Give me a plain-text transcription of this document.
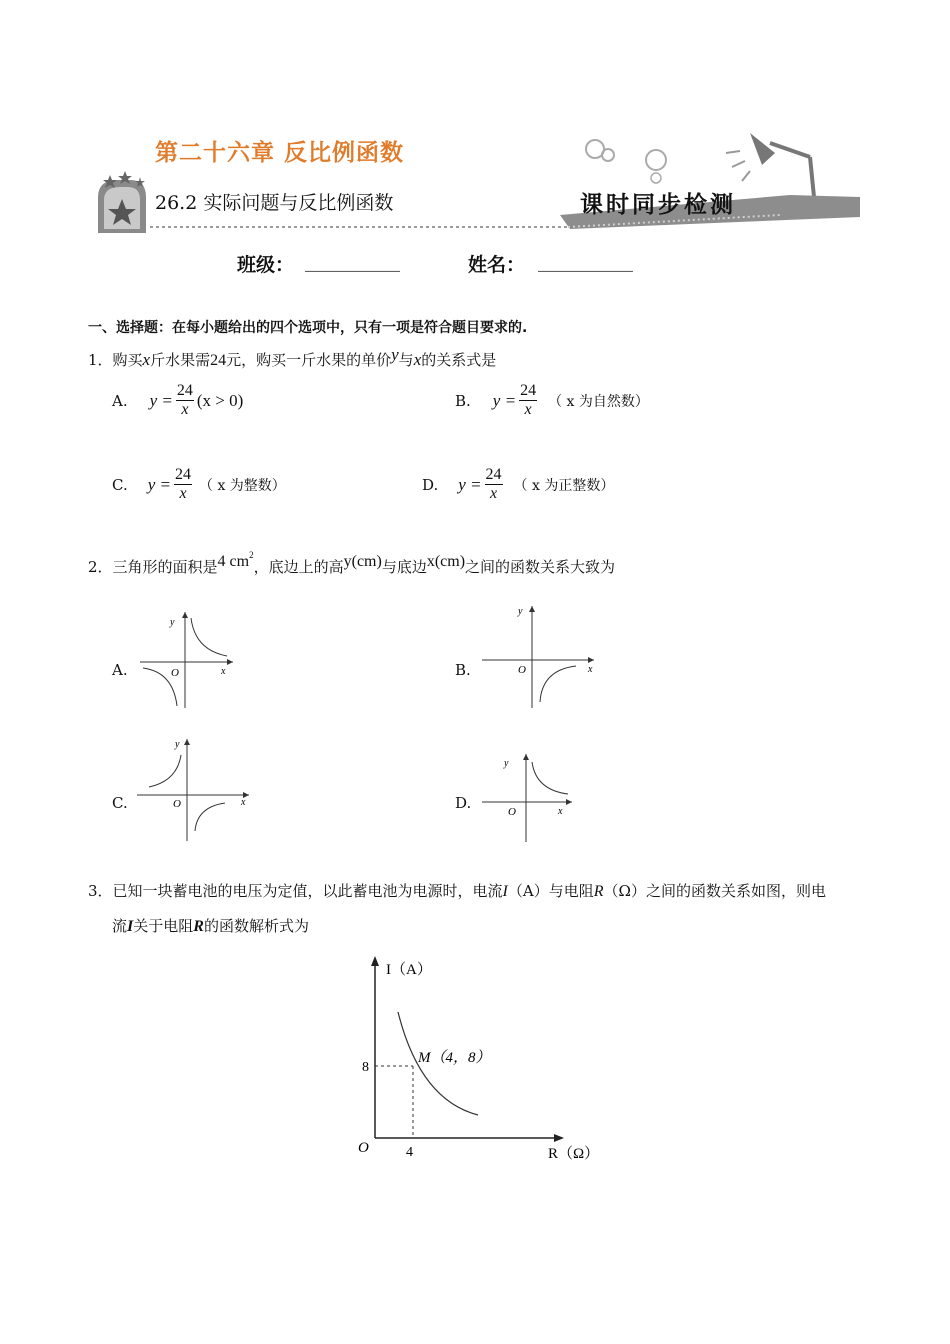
第二十六章 反比例函数
26.2 实际问题与反比例函数	课时同步检测
班级： __________	姓名： __________
一、选择题：在每小题给出的四个选项中，只有一项是符合题目要求的.
1．购买x斤水果需24元，购买一斤水果的单价y与x的关系式是
A. $y = \frac{24}{x} (x > 0)$	B. $y = \frac{24}{x}$ （ x 为自然数）
C. $y = \frac{24}{x}$ （ x 为整数）	D. $y = \frac{24}{x}$ （ x 为正整数）
2．三角形的面积是4 $cm^2$，底边上的高y(cm)与底边x(cm)之间的函数关系大致为
A.
y
x
O	B.
y
x
O
C.
y
x
O	D.
y
x
O
3．已知一块蓄电池的电压为定值，以此蓄电池为电源时，电流I（A）与电阻R（Ω）之间的函数关系如图，则电
流I关于电阻R的函数解析式为
I（A）
R（Ω）
O
8
4
M（4，8）
